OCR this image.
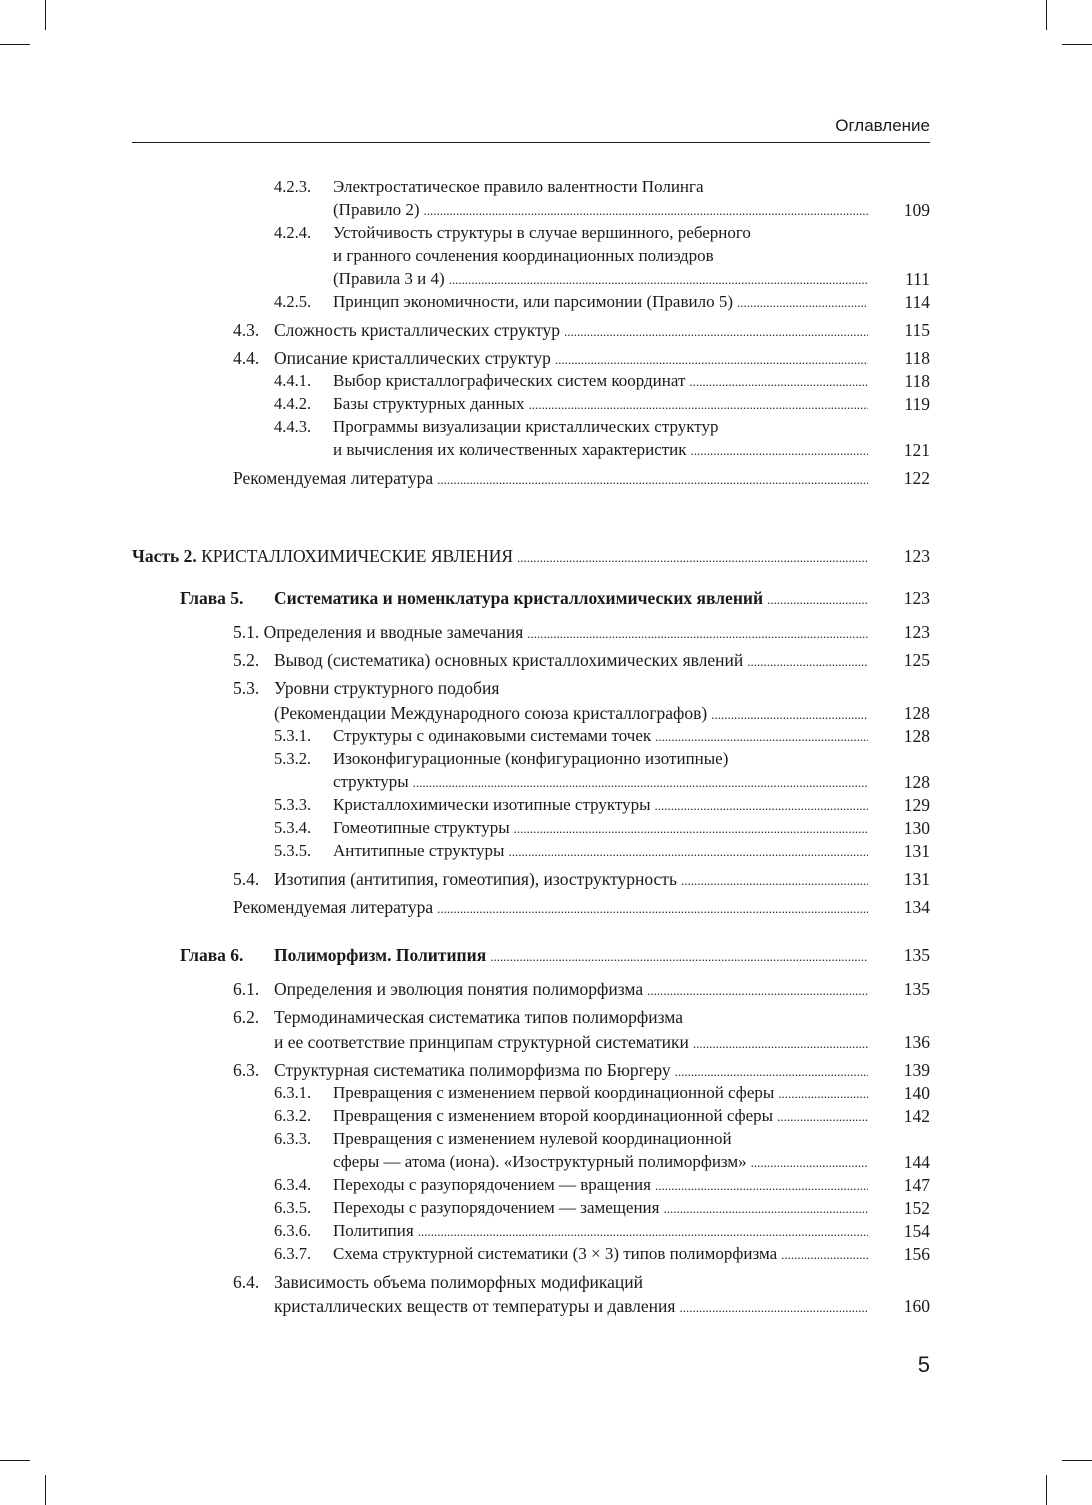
Оглавление
4.2.3. Электростатическое правило валентности Полинга
(Правило 2) .....	109
4.2.4. Устойчивость структуры в случае вершинного, реберного
и гранного сочленения координационных полиэдров
(Правила 3 и 4) .....	111
4.2.5. Принцип экономичности, или парсимонии (Правило 5) .....	114
4.3. Сложность кристаллических структур .....	115
4.4. Описание кристаллических структур .....	118
4.4.1. Выбор кристаллографических систем координат .....	118
4.4.2. Базы структурных данных .....	119
4.4.3. Программы визуализации кристаллических структур
и вычисления их количественных характеристик .....	121
Рекомендуемая литература .....	122
Часть 2. КРИСТАЛЛОХИМИЧЕСКИЕ ЯВЛЕНИЯ .....	123
Глава 5. Систематика и номенклатура кристаллохимических явлений .....	123
5.1. Определения и вводные замечания .....	123
5.2. Вывод (систематика) основных кристаллохимических явлений .....	125
5.3. Уровни структурного подобия
(Рекомендации Международного союза кристаллографов) .....	128
5.3.1. Структуры с одинаковыми системами точек .....	128
5.3.2. Изоконфигурационные (конфигурационно изотипные)
структуры .....	128
5.3.3. Кристаллохимически изотипные структуры .....	129
5.3.4. Гомеотипные структуры .....	130
5.3.5. Антитипные структуры .....	131
5.4. Изотипия (антитипия, гомеотипия), изоструктурность .....	131
Рекомендуемая литература .....	134
Глава 6. Полиморфизм. Политипия .....	135
6.1. Определения и эволюция понятия полиморфизма .....	135
6.2. Термодинамическая систематика типов полиморфизма
и ее соответствие принципам структурной систематики .....	136
6.3. Структурная систематика полиморфизма по Бюргеру .....	139
6.3.1. Превращения с изменением первой координационной сферы .....	140
6.3.2. Превращения с изменением второй координационной сферы .....	142
6.3.3. Превращения с изменением нулевой координационной
сферы — атома (иона). «Изоструктурный полиморфизм» .....	144
6.3.4. Переходы с разупорядочением — вращения .....	147
6.3.5. Переходы с разупорядочением — замещения .....	152
6.3.6. Политипия .....	154
6.3.7. Схема структурной систематики (3 × 3) типов полиморфизма .....	156
6.4. Зависимость объема полиморфных модификаций
кристаллических веществ от температуры и давления .....	160
5
